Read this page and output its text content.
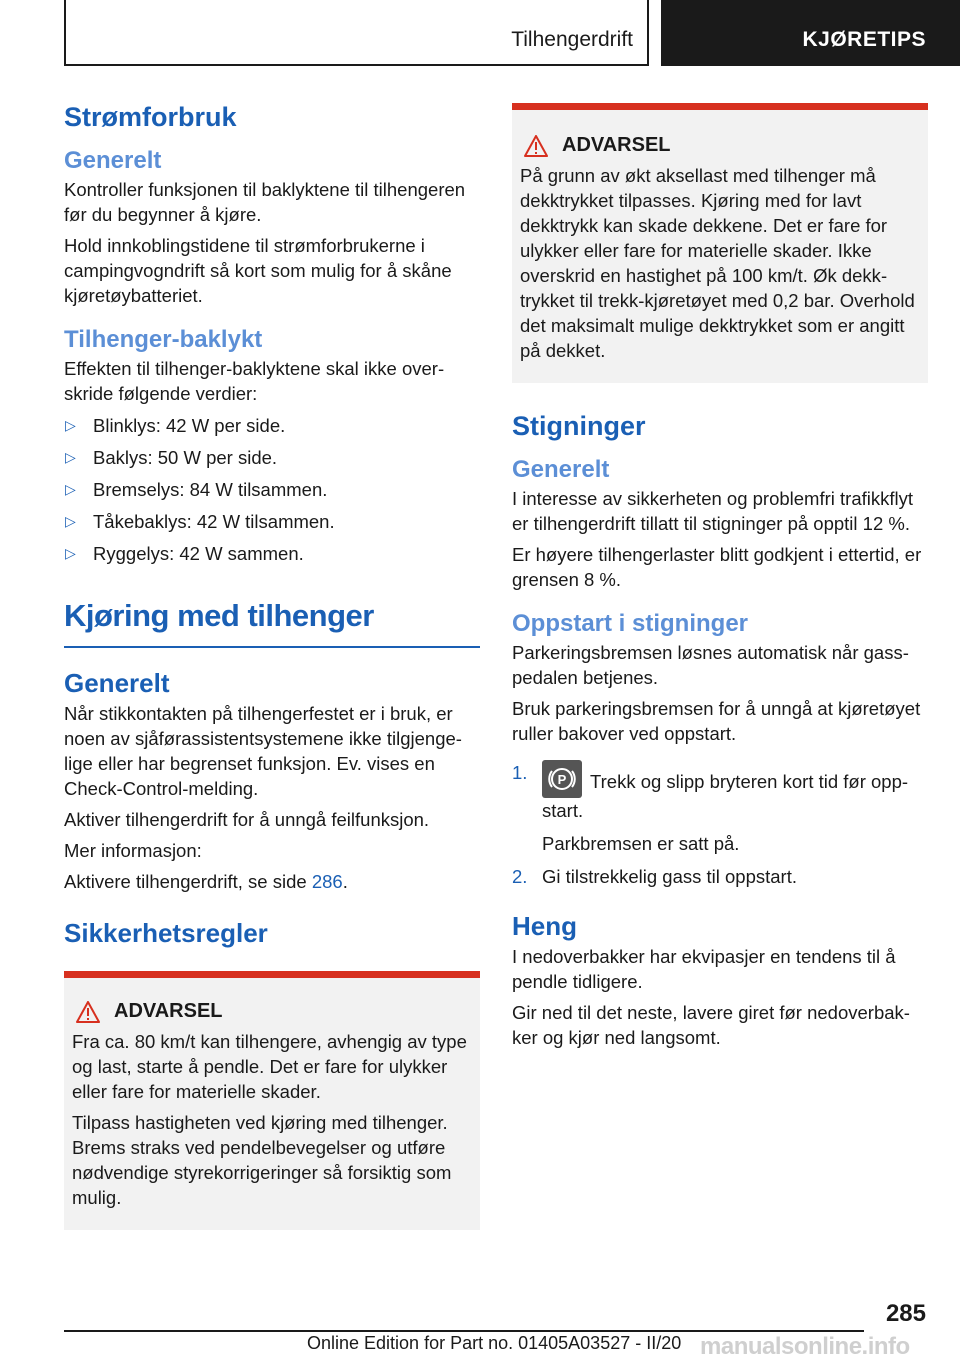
Tilhengerdrift	KJØRETIPS
Strømforbruk
Generelt

Kontroller funksjonen til baklyktene til tilhengeren før du begynner å kjøre.

Hold innkoblingstidene til strømforbrukerne i campingvogndrift så kort som mulig for å skåne kjøretøybatteriet.

Tilhenger-baklykt

Effekten til tilhenger-baklyktene skal ikke overskride følgende verdier:

▷ Blinklys: 42 W per side.
▷ Baklys: 50 W per side.
▷ Bremselys: 84 W tilsammen.
▷ Tåkebaklys: 42 W tilsammen.
▷ Ryggelys: 42 W sammen.
Kjøring med tilhenger
Generelt

Når stikkontakten på tilhengerfestet er i bruk, er noen av sjåførassistentsystemene ikke tilgjengelige eller har begrenset funksjon. Ev. vises en Check-Control-melding.

Aktiver tilhengerdrift for å unngå feilfunksjon.

Mer informasjon:

Aktivere tilhengerdrift, se side 286.

Sikkerhetsregler
ADVARSEL

Fra ca. 80 km/t kan tilhengere, avhengig av type og last, starte å pendle. Det er fare for ulykker eller fare for materielle skader.

Tilpass hastigheten ved kjøring med tilhenger. Brems straks ved pendelbevegelser og utføre nødvendige styrekorrigeringer så forsiktig som mulig.

ADVARSEL

På grunn av økt aksellast med tilhenger må dekktrykket tilpasses. Kjøring med for lavt dekktrykk kan skade dekkene. Det er fare for ulykker eller fare for materielle skader. Ikke overskrid en hastighet på 100 km/t. Øk dekktrykket til trekk-kjøretøyet med 0,2 bar. Overhold det maksimalt mulige dekktrykket som er angitt på dekket.

Stigninger
Generelt

I interesse av sikkerheten og problemfri trafikkflyt er tilhengerdrift tillatt til stigninger på opptil 12 %.

Er høyere tilhengerlaster blitt godkjent i ettertid, er grensen 8 %.

Oppstart i stigninger

Parkeringsbremsen løsnes automatisk når gasspedalen betjenes.

Bruk parkeringsbremsen for å unngå at kjøretøyet ruller bakover ved oppstart.

1.	P Trekk og slipp bryteren kort tid før oppstart.

Parkbremsen er satt på.

2. Gi tilstrekkelig gass til oppstart.
Heng

I nedoverbakker har ekvipasjer en tendens til å pendle tidligere.

Gir ned til det neste, lavere giret før nedoverbakker og kjør ned langsomt.

285
Online Edition for Part no. 01405A03527 - II/20 manualsonline.info
